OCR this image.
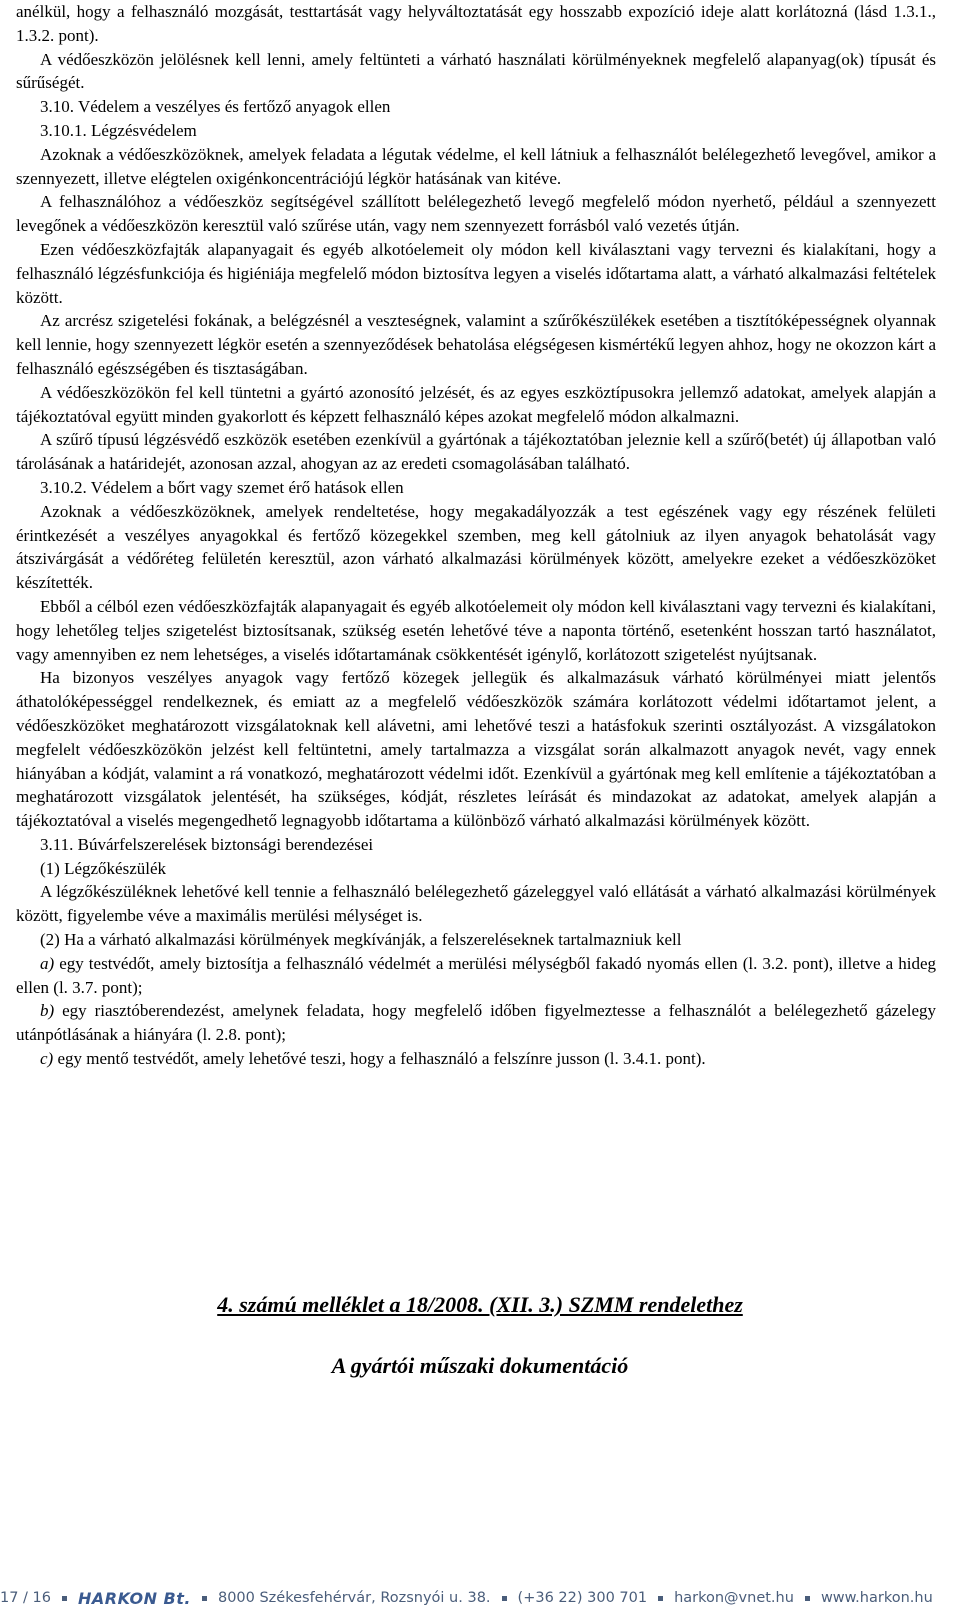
anélkül, hogy a felhasználó mozgását, testtartását vagy helyváltoztatását egy hosszabb expozíció ideje alatt korlátozná (lásd 1.3.1., 1.3.2. pont).

A védőeszközön jelölésnek kell lenni, amely feltünteti a várható használati körülményeknek megfelelő alapanyag(ok) típusát és sűrűségét.

3.10. Védelem a veszélyes és fertőző anyagok ellen

3.10.1. Légzésvédelem

Azoknak a védőeszközöknek, amelyek feladata a légutak védelme, el kell látniuk a felhasználót belélegezhető levegővel, amikor a szennyezett, illetve elégtelen oxigénkoncentrációjú légkör hatásának van kitéve.

A felhasználóhoz a védőeszköz segítségével szállított belélegezhető levegő megfelelő módon nyerhető, például a szennyezett levegőnek a védőeszközön keresztül való szűrése után, vagy nem szennyezett forrásból való vezetés útján.

Ezen védőeszközfajták alapanyagait és egyéb alkotóelemeit oly módon kell kiválasztani vagy tervezni és kialakítani, hogy a felhasználó légzésfunkciója és higiéniája megfelelő módon biztosítva legyen a viselés időtartama alatt, a várható alkalmazási feltételek között.

Az arcrész szigetelési fokának, a belégzésnél a veszteségnek, valamint a szűrőkészülékek esetében a tisztítóképességnek olyannak kell lennie, hogy szennyezett légkör esetén a szennyeződések behatolása elégségesen kismértékű legyen ahhoz, hogy ne okozzon kárt a felhasználó egészségében és tisztaságában.

A védőeszközökön fel kell tüntetni a gyártó azonosító jelzését, és az egyes eszköztípusokra jellemző adatokat, amelyek alapján a tájékoztatóval együtt minden gyakorlott és képzett felhasználó képes azokat megfelelő módon alkalmazni.

A szűrő típusú légzésvédő eszközök esetében ezenkívül a gyártónak a tájékoztatóban jeleznie kell a szűrő(betét) új állapotban való tárolásának a határidejét, azonosan azzal, ahogyan az az eredeti csomagolásában található.

3.10.2. Védelem a bőrt vagy szemet érő hatások ellen

Azoknak a védőeszközöknek, amelyek rendeltetése, hogy megakadályozzák a test egészének vagy egy részének felületi érintkezését a veszélyes anyagokkal és fertőző közegekkel szemben, meg kell gátolniuk az ilyen anyagok behatolását vagy átszivárgását a védőréteg felületén keresztül, azon várható alkalmazási körülmények között, amelyekre ezeket a védőeszközöket készítették.

Ebből a célból ezen védőeszközfajták alapanyagait és egyéb alkotóelemeit oly módon kell kiválasztani vagy tervezni és kialakítani, hogy lehetőleg teljes szigetelést biztosítsanak, szükség esetén lehetővé téve a naponta történő, esetenként hosszan tartó használatot, vagy amennyiben ez nem lehetséges, a viselés időtartamának csökkentését igénylő, korlátozott szigetelést nyújtsanak.

Ha bizonyos veszélyes anyagok vagy fertőző közegek jellegük és alkalmazásuk várható körülményei miatt jelentős áthatolóképességgel rendelkeznek, és emiatt az a megfelelő védőeszközök számára korlátozott védelmi időtartamot jelent, a védőeszközöket meghatározott vizsgálatoknak kell alávetni, ami lehetővé teszi a hatásfokuk szerinti osztályozást. A vizsgálatokon megfelelt védőeszközökön jelzést kell feltüntetni, amely tartalmazza a vizsgálat során alkalmazott anyagok nevét, vagy ennek hiányában a kódját, valamint a rá vonatkozó, meghatározott védelmi időt. Ezenkívül a gyártónak meg kell említenie a tájékoztatóban a meghatározott vizsgálatok jelentését, ha szükséges, kódját, részletes leírását és mindazokat az adatokat, amelyek alapján a tájékoztatóval a viselés megengedhető legnagyobb időtartama a különböző várható alkalmazási körülmények között.

3.11. Búvárfelszerelések biztonsági berendezései

(1) Légzőkészülék

A légzőkészüléknek lehetővé kell tennie a felhasználó belélegezhető gázeleggyel való ellátását a várható alkalmazási körülmények között, figyelembe véve a maximális merülési mélységet is.

(2) Ha a várható alkalmazási körülmények megkívánják, a felszereléseknek tartalmazniuk kell

a) egy testvédőt, amely biztosítja a felhasználó védelmét a merülési mélységből fakadó nyomás ellen (l. 3.2. pont), illetve a hideg ellen (l. 3.7. pont);

b) egy riasztóberendezést, amelynek feladata, hogy megfelelő időben figyelmeztesse a felhasználót a belélegezhető gázelegy utánpótlásának a hiányára (l. 2.8. pont);

c) egy mentő testvédőt, amely lehetővé teszi, hogy a felhasználó a felszínre jusson (l. 3.4.1. pont).

4. számú melléklet a 18/2008. (XII. 3.) SZMM rendelethez
A gyártói műszaki dokumentáció
17 / 16 HARKON Bt. 8000 Székesfehérvár, Rozsnyói u. 38. (+36 22) 300 701 harkon@vnet.hu www.harkon.hu
